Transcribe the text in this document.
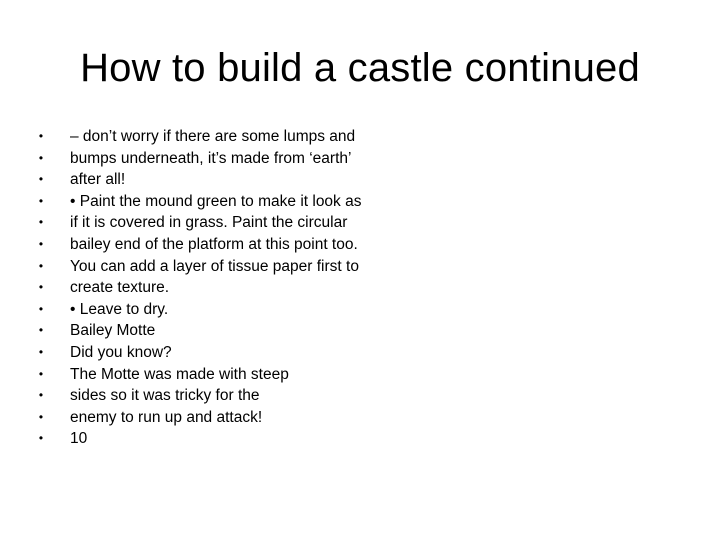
How to build a castle continued
• – don’t worry if there are some lumps and
• bumps underneath, it’s made from ‘earth’
• after all!
• • Paint the mound green to make it look as
• if it is covered in grass. Paint the circular
• bailey end of the platform at this point too.
• You can add a layer of tissue paper first to
• create texture.
• • Leave to dry.
• Bailey Motte
• Did you know?
• The Motte was made with steep
• sides so it was tricky for the
• enemy to run up and attack!
• 10
